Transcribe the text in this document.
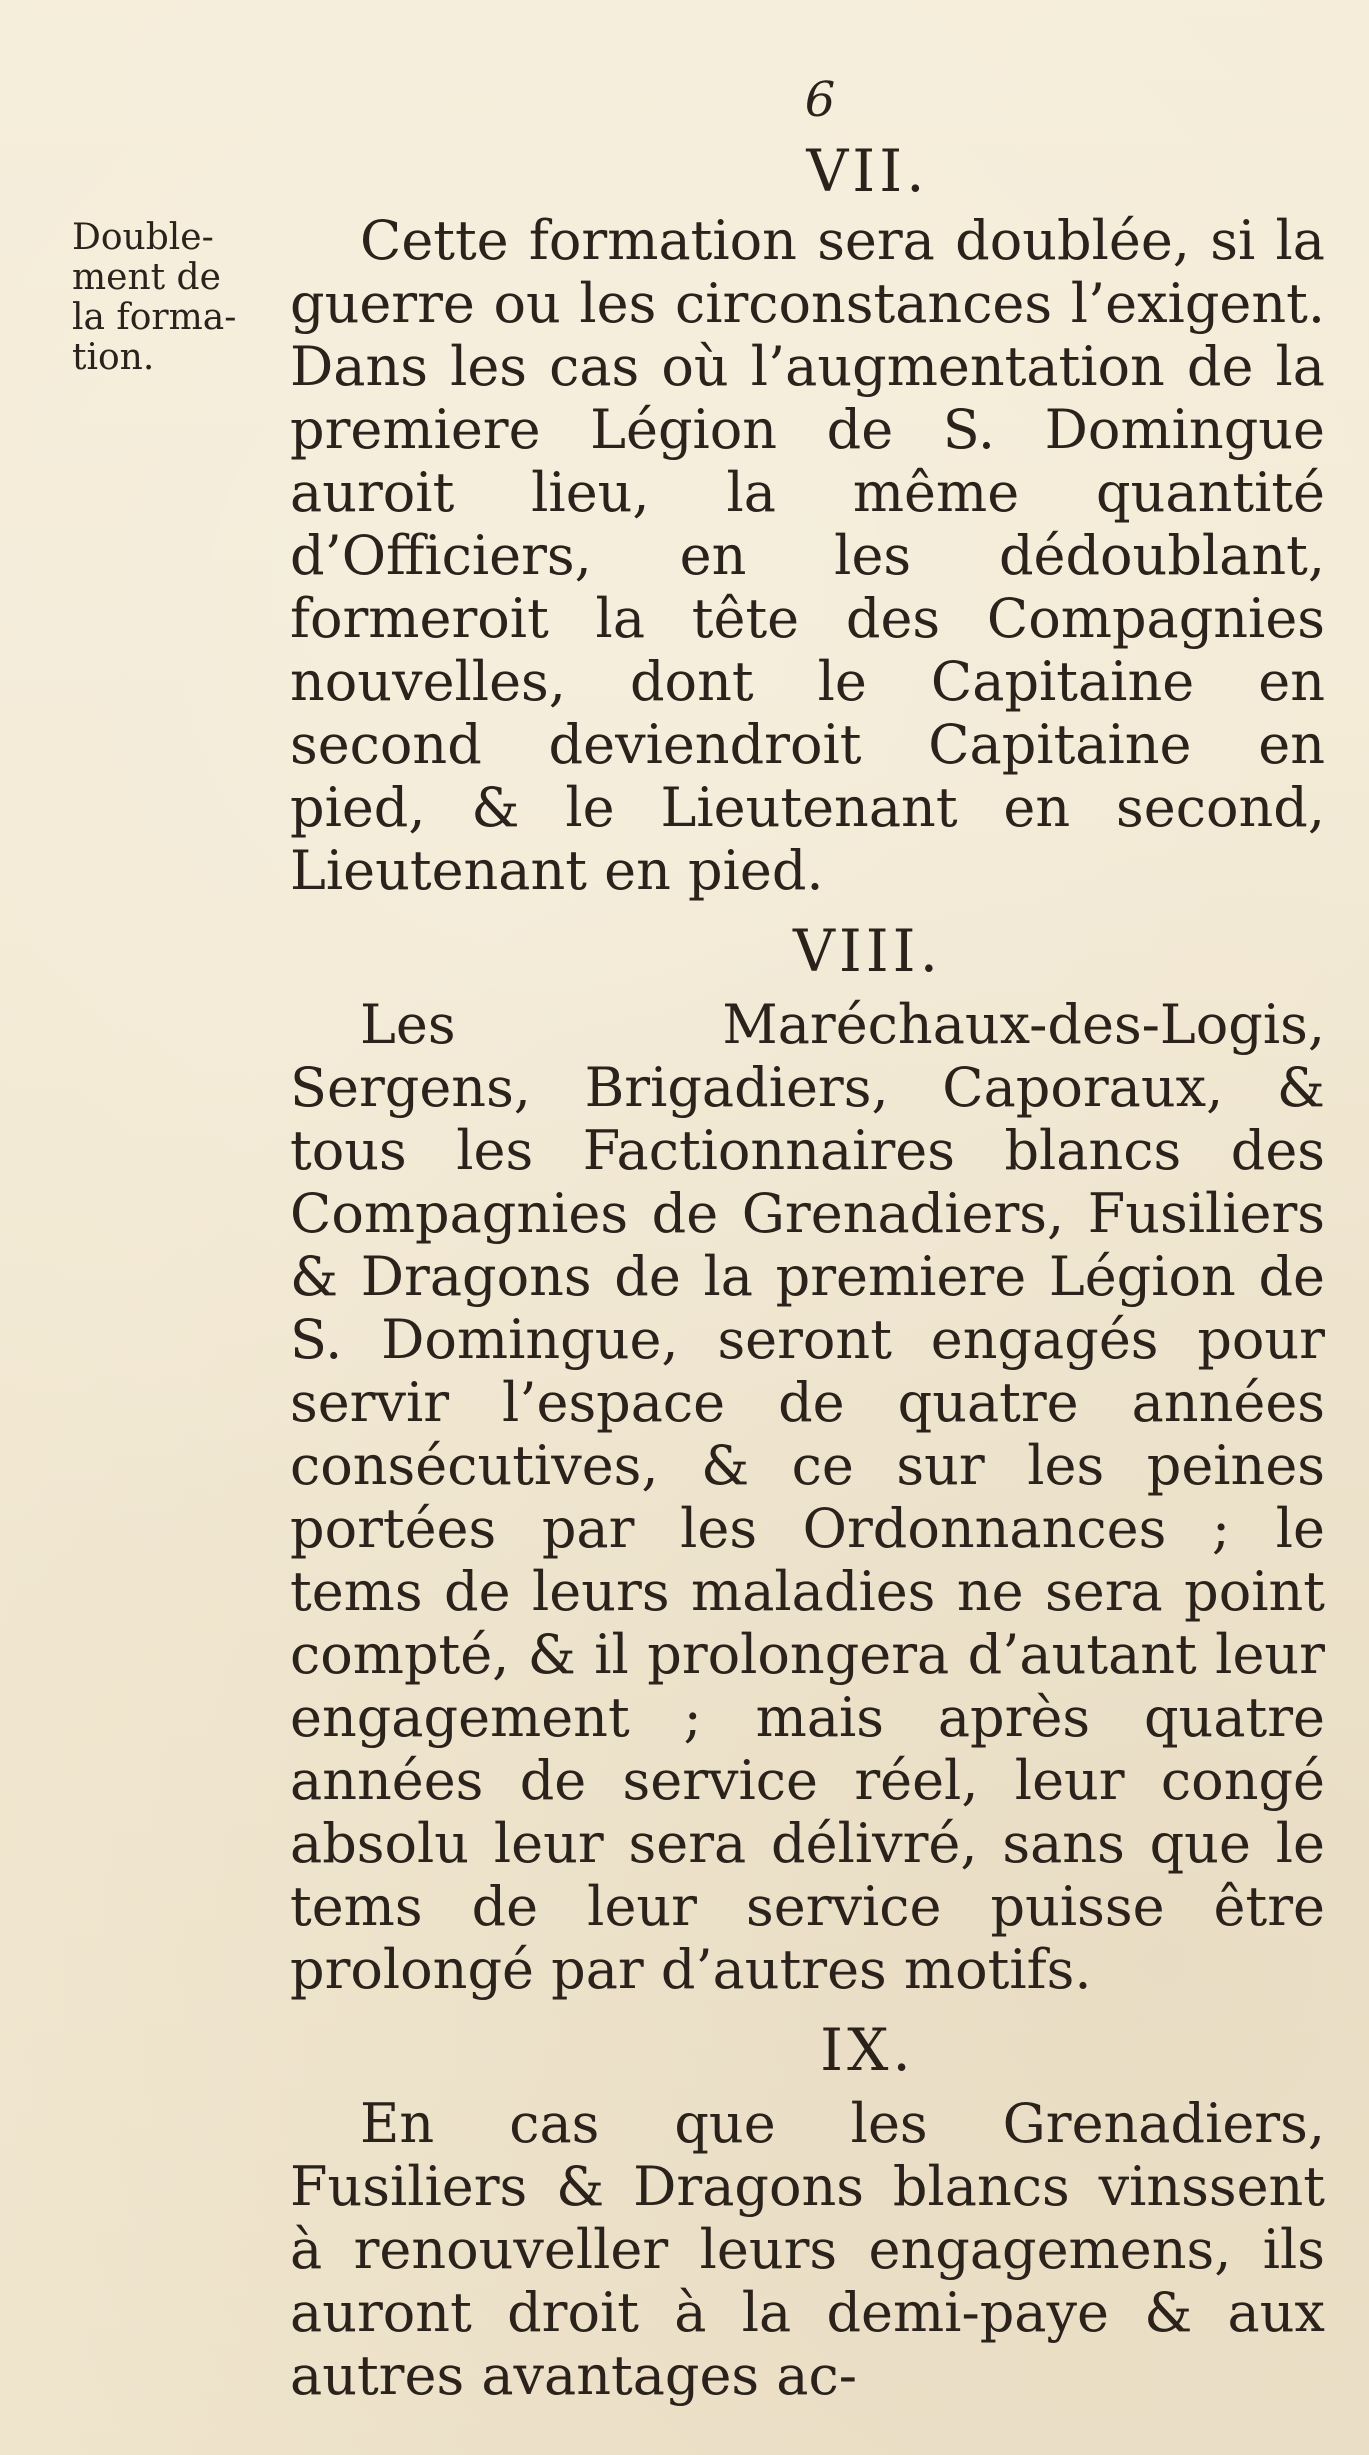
6
Double-
ment de
la forma-
tion.
VII.

Cette formation sera doublée, si la guerre ou les circonstances l’exigent. Dans les cas où l’augmentation de la premiere Légion de S. Domingue auroit lieu, la même quantité d’Officiers, en les dédoublant, formeroit la tête des Compagnies nouvelles, dont le Capitaine en second deviendroit Capitaine en pied, & le Lieutenant en second, Lieutenant en pied.

VIII.

Les Maréchaux-des-Logis, Sergens, Brigadiers, Caporaux, & tous les Factionnaires blancs des Compagnies de Grenadiers, Fusiliers & Dragons de la premiere Légion de S. Domingue, seront engagés pour servir l’espace de quatre années consécutives, & ce sur les peines portées par les Ordonnances ; le tems de leurs maladies ne sera point compté, & il prolongera d’autant leur engagement ; mais après quatre années de service réel, leur congé absolu leur sera délivré, sans que le tems de leur service puisse être prolongé par d’autres motifs.

IX.

En cas que les Grenadiers, Fusiliers & Dragons blancs vinssent à renouveller leurs engagemens, ils auront droit à la demi-paye & aux autres avantages ac-
